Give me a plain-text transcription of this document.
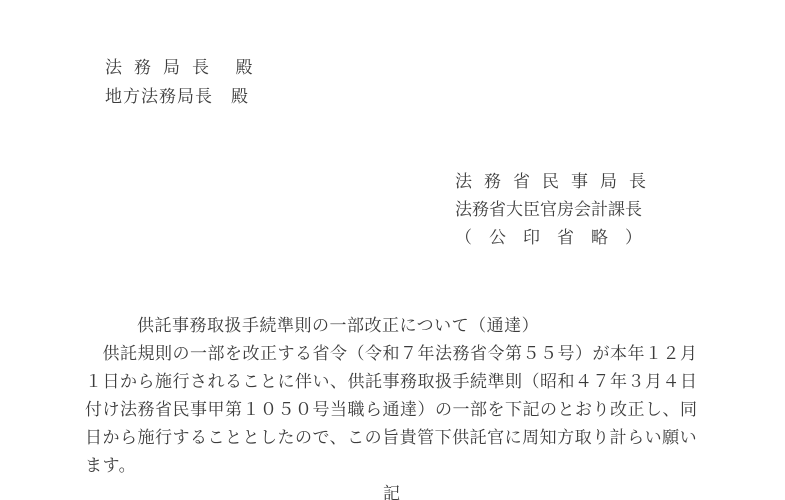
法　務　局　長　　殿
地方法務局長　殿
法　務　省　民　事　局　長
法務省大臣官房会計課長
（　公　印　省　略　）
供託事務取扱手続準則の一部改正について（通達）
　供託規則の一部を改正する省令（令和７年法務省令第５５号）が本年１２月
１日から施行されることに伴い、供託事務取扱手続準則（昭和４７年３月４日
付け法務省民事甲第１０５０号当職ら通達）の一部を下記のとおり改正し、同
日から施行することとしたので、この旨貴管下供託官に周知方取り計らい願い
ます。
記
